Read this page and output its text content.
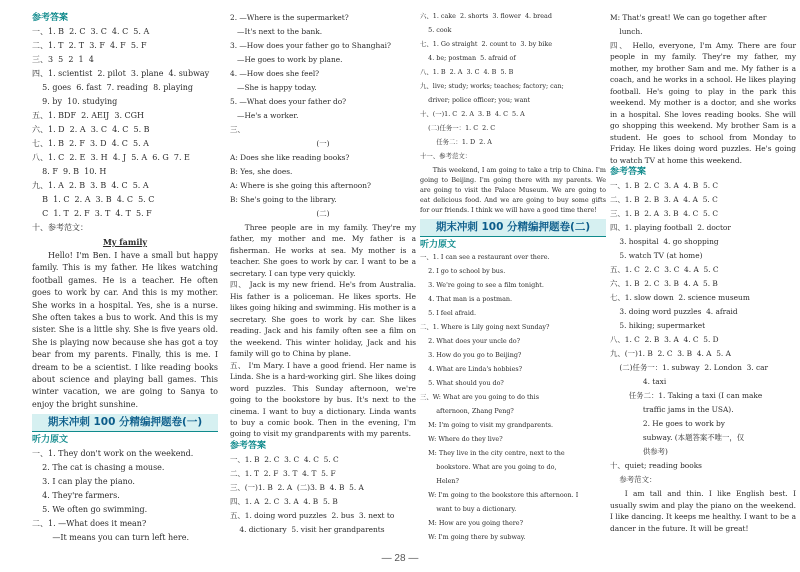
参考答案
一、1. B  2. C  3. C  4. C  5. A
二、1. T  2. T  3. F  4. F  5. F
三、3  5  2  1  4
四、1. scientist  2. pilot  3. plane  4. subway
5. goes  6. fast  7. reading  8. playing
9. by  10. studying
五、1. BDF  2. AEIJ  3. CGH
六、1. D  2. A  3. C  4. C  5. B
七、1. B  2. F  3. D  4. C  5. A
八、1. C  2. E  3. H  4. J  5. A  6. G  7. E
8. F  9. B  10. H
九、1. A  2. B  3. B  4. C  5. A
B  1. C  2. A  3. B  4. C  5. C
C  1. T  2. F  3. T  4. T  5. F
十、参考范文：
My family
Hello! I'm Ben. I have a small but happy family. This is my father. He likes watching football games. He is a teacher. He often goes to work by car. And this is my mother. She works in a hospital. Yes, she is a nurse. She often takes a bus to work. And this is my sister. She is a little shy. She is five years old. She is playing now because she has got a toy bear from my parents. Finally, this is me. I dream to be a scientist. I like reading books about science and playing ball games. This winter vacation, we are going to Sanya to enjoy the bright sunshine.
期末冲刺 100 分精编押题卷(一)
听力原文
一、1. They don't work on the weekend.
2. The cat is chasing a mouse.
3. I can play the piano.
4. They're farmers.
5. We often go swimming.
二、1. —What does it mean?
—It means you can turn left here.
2. —Where is the supermarket?
—It's next to the bank.
3. —How does your father go to Shanghai?
—He goes to work by plane.
4. —How does she feel?
—She is happy today.
5. —What does your father do?
—He's a worker.
三、
(一)
A: Does she like reading books?
B: Yes, she does.
A: Where is she going this afternoon?
B: She's going to the library.
(二)
Three people are in my family. They're my father, my mother and me. My father is a fisherman. He works at sea. My mother is a teacher. She goes to work by car. I want to be a secretary. I can type very quickly.
四、 Jack is my new friend. He's from Australia. His father is a policeman. He likes sports. He likes going hiking and swimming. His mother is a secretary. She goes to work by car. She likes reading. Jack and his family often see a film on the weekend. This winter holiday, Jack and his family will go to China by plane.
五、 I'm Mary. I have a good friend. Her name is Linda. She is a hard-working girl. She likes doing word puzzles. This Sunday afternoon, we're going to the bookstore by bus. It's next to the cinema. I want to buy a dictionary. Linda wants to buy a comic book. Then in the evening, I'm going to visit my grandparents with my parents.
参考答案
一、1. B  2. C  3. C  4. C  5. C
二、1. T  2. F  3. T  4. T  5. F
三、(一)1. B  2. A  (二)3. B  4. B  5. A
四、1. A  2. C  3. A  4. B  5. B
五、1. doing word puzzles  2. bus  3. next to
4. dictionary  5. visit her grandparents
六、1. cake  2. shorts  3. flower  4. bread
5. cook
七、1. Go straight  2. count to  3. by bike
4. be; postman  5. afraid of
八、1. B  2. A  3. C  4. B  5. B
九、live; study; works; teaches; factory; can;
driver; police officer; you; want
十、(一)1. C  2. A  3. B  4. C  5. A
(二)任务一：1. C  2. C
任务二：1. D  2. A
十一、参考范文：
This weekend, I am going to take a trip to China. I'm going to Beijing. I'm going there with my parents. We are going to visit the Palace Museum. We are going to eat delicious food. And we are going to buy some gifts for our friends. I think we will have a good time there!
期末冲刺 100 分精编押题卷(二)
听力原文
一、1. I can see a restaurant over there.
2. I go to school by bus.
3. We're going to see a film tonight.
4. That man is a postman.
5. I feel afraid.
二、1. Where is Lily going next Sunday?
2. What does your uncle do?
3. How do you go to Beijing?
4. What are Linda's hobbies?
5. What should you do?
三、W: What are you going to do this
afternoon, Zhang Peng?
M: I'm going to visit my grandparents.
W: Where do they live?
M: They live in the city centre, next to the
bookstore. What are you going to do,
Helen?
W: I'm going to the bookstore this afternoon. I
want to buy a dictionary.
M: How are you going there?
W: I'm going there by subway.
M: That's great! We can go together after
lunch.
四、 Hello, everyone, I'm Amy. There are four people in my family. They're my father, my mother, my brother Sam and me. My father is a coach, and he works in a school. He likes playing football. He's going to play in the park this weekend. My mother is a doctor, and she works in a hospital. She loves reading books. She will go shopping this weekend. My brother Sam is a student. He goes to school from Monday to Friday. He likes doing word puzzles. He's going to watch TV at home this weekend.
参考答案
一、1. B  2. C  3. A  4. B  5. C
二、1. B  2. B  3. A  4. A  5. C
三、1. B  2. A  3. B  4. C  5. C
四、1. playing football  2. doctor
3. hospital  4. go shopping
5. watch TV (at home)
五、1. C  2. C  3. C  4. A  5. C
六、1. B  2. C  3. B  4. A  5. B
七、1. slow down  2. science museum
3. doing word puzzles  4. afraid
5. hiking; supermarket
八、1. C  2. B  3. A  4. C  5. D
九、(一)1. B  2. C  3. B  4. A  5. A
(二)任务一：1. subway  2. London  3. car
4. taxi
任务二：1. Taking a taxi (I can make
traffic jams in the USA).
2. He goes to work by
subway. (本题答案不唯一，仅
供参考)
十、quiet; reading books
参考范文：
I am tall and thin. I like English best. I usually swim and play the piano on the weekend. I like dancing. It keeps me healthy. I want to be a dancer in the future. It will be great!
— 28 —
